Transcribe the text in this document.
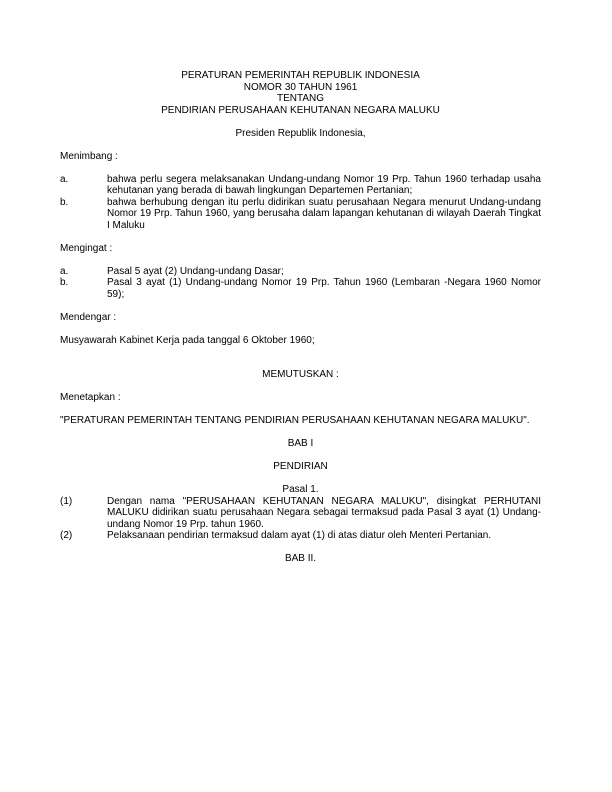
PERATURAN PEMERINTAH REPUBLIK INDONESIA
NOMOR 30 TAHUN 1961
TENTANG
PENDIRIAN PERUSAHAAN KEHUTANAN NEGARA MALUKU
Presiden Republik Indonesia,
Menimbang :
a.	bahwa perlu segera melaksanakan Undang-undang Nomor 19 Prp. Tahun 1960 terhadap usaha kehutanan yang berada di bawah lingkungan Departemen Pertanian;
b.	bahwa berhubung dengan itu perlu didirikan suatu perusahaan Negara menurut Undang-undang Nomor 19 Prp. Tahun 1960, yang berusaha dalam lapangan kehutanan di wilayah Daerah Tingkat I Maluku
Mengingat :
a.	Pasal 5 ayat (2) Undang-undang Dasar;
b.	Pasal 3 ayat (1) Undang-undang Nomor 19 Prp. Tahun 1960 (Lembaran -Negara 1960 Nomor 59);
Mendengar :
Musyawarah Kabinet Kerja pada tanggal 6 Oktober 1960;
MEMUTUSKAN :
Menetapkan :

"PERATURAN PEMERINTAH TENTANG PENDIRIAN PERUSAHAAN KEHUTANAN NEGARA MALUKU".

BAB I
PENDIRIAN
Pasal 1.
(1)	Dengan nama "PERUSAHAAN KEHUTANAN NEGARA MALUKU", disingkat PERHUTANI MALUKU didirikan suatu perusahaan Negara sebagai termaksud pada Pasal 3 ayat (1) Undang-undang Nomor 19 Prp. tahun 1960.
(2)	Pelaksanaan pendirian termaksud dalam ayat (1) di atas diatur oleh Menteri Pertanian.
BAB II.
